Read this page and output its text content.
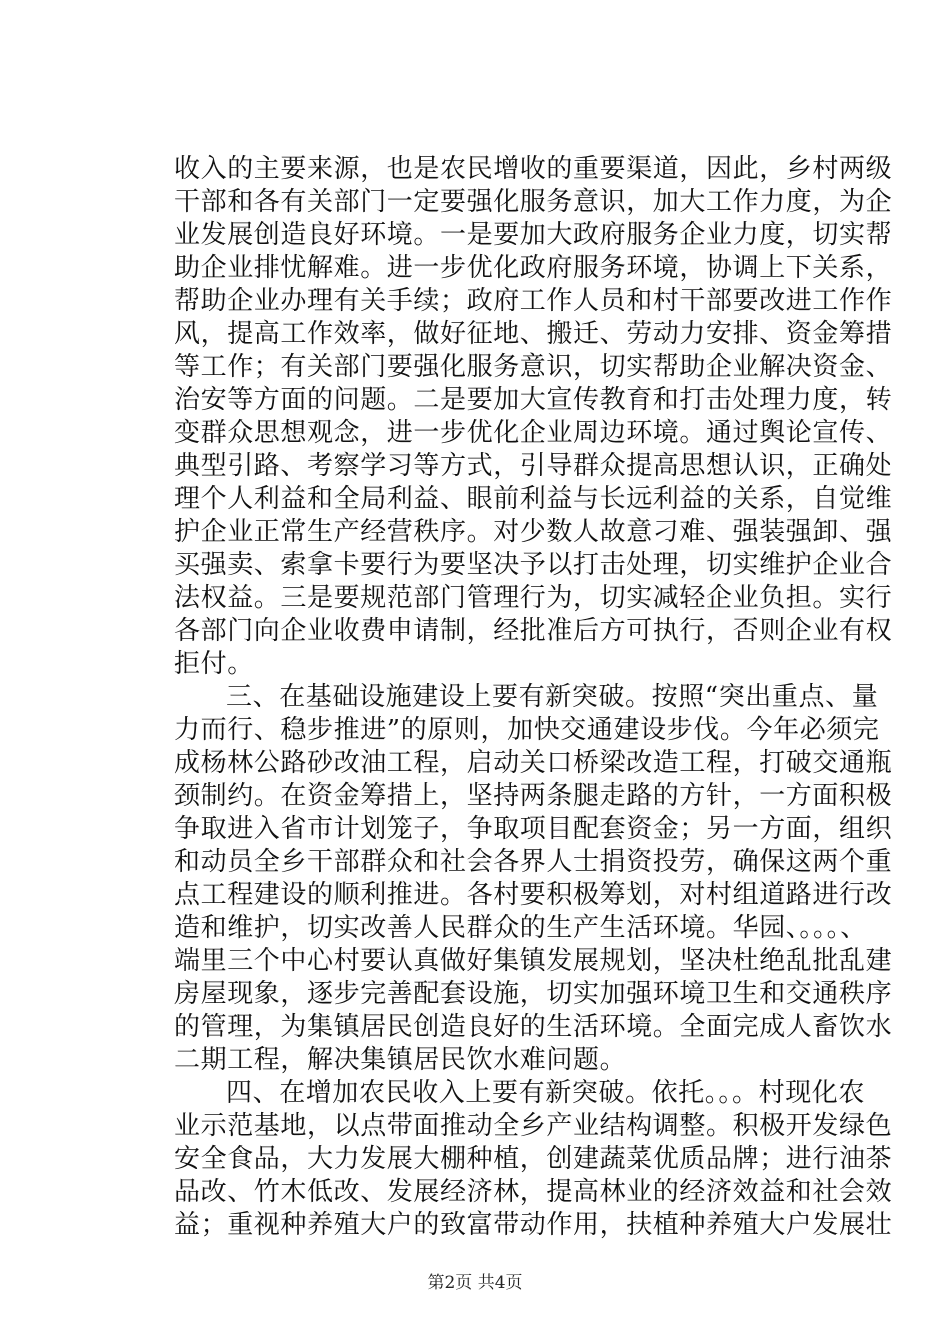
收入的主要来源，也是农民增收的重要渠道，因此，乡村两级
干部和各有关部门一定要强化服务意识，加大工作力度，为企
业发展创造良好环境。一是要加大政府服务企业力度，切实帮
助企业排忧解难。进一步优化政府服务环境，协调上下关系，
帮助企业办理有关手续；政府工作人员和村干部要改进工作作
风，提高工作效率，做好征地、搬迁、劳动力安排、资金筹措
等工作；有关部门要强化服务意识，切实帮助企业解决资金、
治安等方面的问题。二是要加大宣传教育和打击处理力度，转
变群众思想观念，进一步优化企业周边环境。通过舆论宣传、
典型引路、考察学习等方式，引导群众提高思想认识，正确处
理个人利益和全局利益、眼前利益与长远利益的关系，自觉维
护企业正常生产经营秩序。对少数人故意刁难、强装强卸、强
买强卖、索拿卡要行为要坚决予以打击处理，切实维护企业合
法权益。三是要规范部门管理行为，切实减轻企业负担。实行
各部门向企业收费申请制，经批准后方可执行，否则企业有权
拒付。
三、在基础设施建设上要有新突破。按照“突出重点、量
力而行、稳步推进”的原则，加快交通建设步伐。今年必须完
成杨林公路砂改油工程，启动关口桥梁改造工程，打破交通瓶
颈制约。在资金筹措上，坚持两条腿走路的方针，一方面积极
争取进入省市计划笼子，争取项目配套资金；另一方面，组织
和动员全乡干部群众和社会各界人士捐资投劳，确保这两个重
点工程建设的顺利推进。各村要积极筹划，对村组道路进行改
造和维护，切实改善人民群众的生产生活环境。华园、。。。、
端里三个中心村要认真做好集镇发展规划，坚决杜绝乱批乱建
房屋现象，逐步完善配套设施，切实加强环境卫生和交通秩序
的管理，为集镇居民创造良好的生活环境。全面完成人畜饮水
二期工程，解决集镇居民饮水难问题。
四、在增加农民收入上要有新突破。依托。。。村现化农
业示范基地，以点带面推动全乡产业结构调整。积极开发绿色
安全食品，大力发展大棚种植，创建蔬菜优质品牌；进行油茶
品改、竹木低改、发展经济林，提高林业的经济效益和社会效
益；重视种养殖大户的致富带动作用，扶植种养殖大户发展壮
第2页 共4页
